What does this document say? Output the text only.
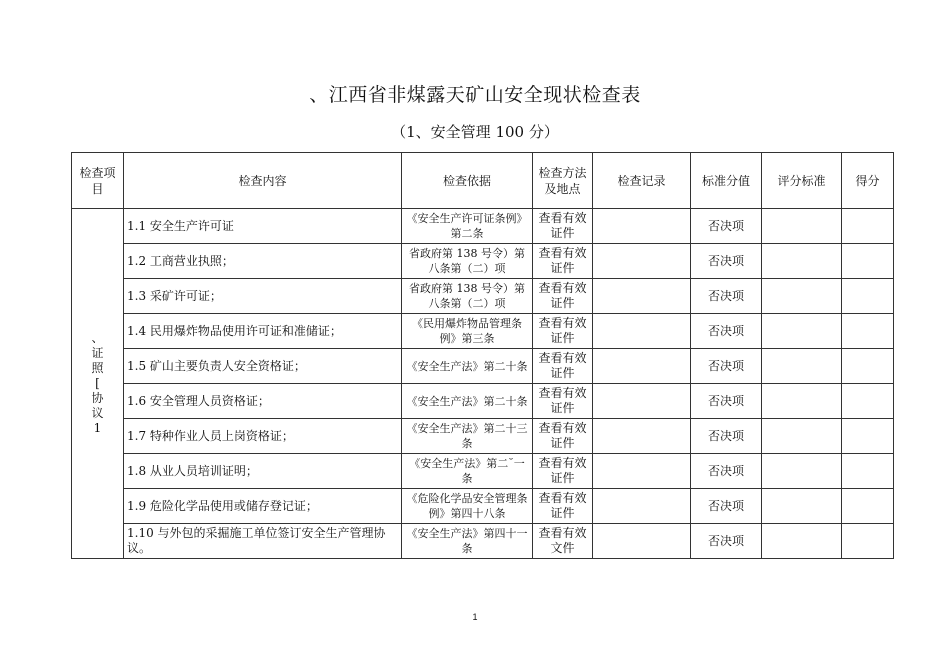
、江西省非煤露天矿山安全现状检查表
（1、安全管理 100 分）
检查项目	检查内容	检查依据	检查方法及地点	检查记录	标准分值	评分标准	得分
、证照[协议1	1.1 安全生产许可证	《安全生产许可证条例》第二条	查看有效证件		否决项		
	1.2 工商营业执照；	省政府第 138 号令）第八条第（二）项	查看有效证件		否决项		
	1.3 采矿许可证；	省政府第 138 号令）第八条第（二）项	查看有效证件		否决项		
	1.4 民用爆炸物品使用许可证和准储证；	《民用爆炸物品管理条例》第三条	查看有效证件		否决项		
	1.5 矿山主要负责人安全资格证；	《安全生产法》第二十条	查看有效证件		否决项		
	1.6 安全管理人员资格证；	《安全生产法》第二十条	查看有效证件		否决项		
	1.7 特种作业人员上岗资格证；	《安全生产法》第二十三条	查看有效证件		否决项		
	1.8 从业人员培训证明；	《安全生产法》第二˘一条	查看有效证件		否决项		
	1.9 危险化学品使用或储存登记证；	《危险化学品安全管理条例》第四十八条	查看有效证件		否决项		
	1.10 与外包的采掘施工单位签订安全生产管理协议。	《安全生产法》第四十一条	查看有效文件		否决项		
1
